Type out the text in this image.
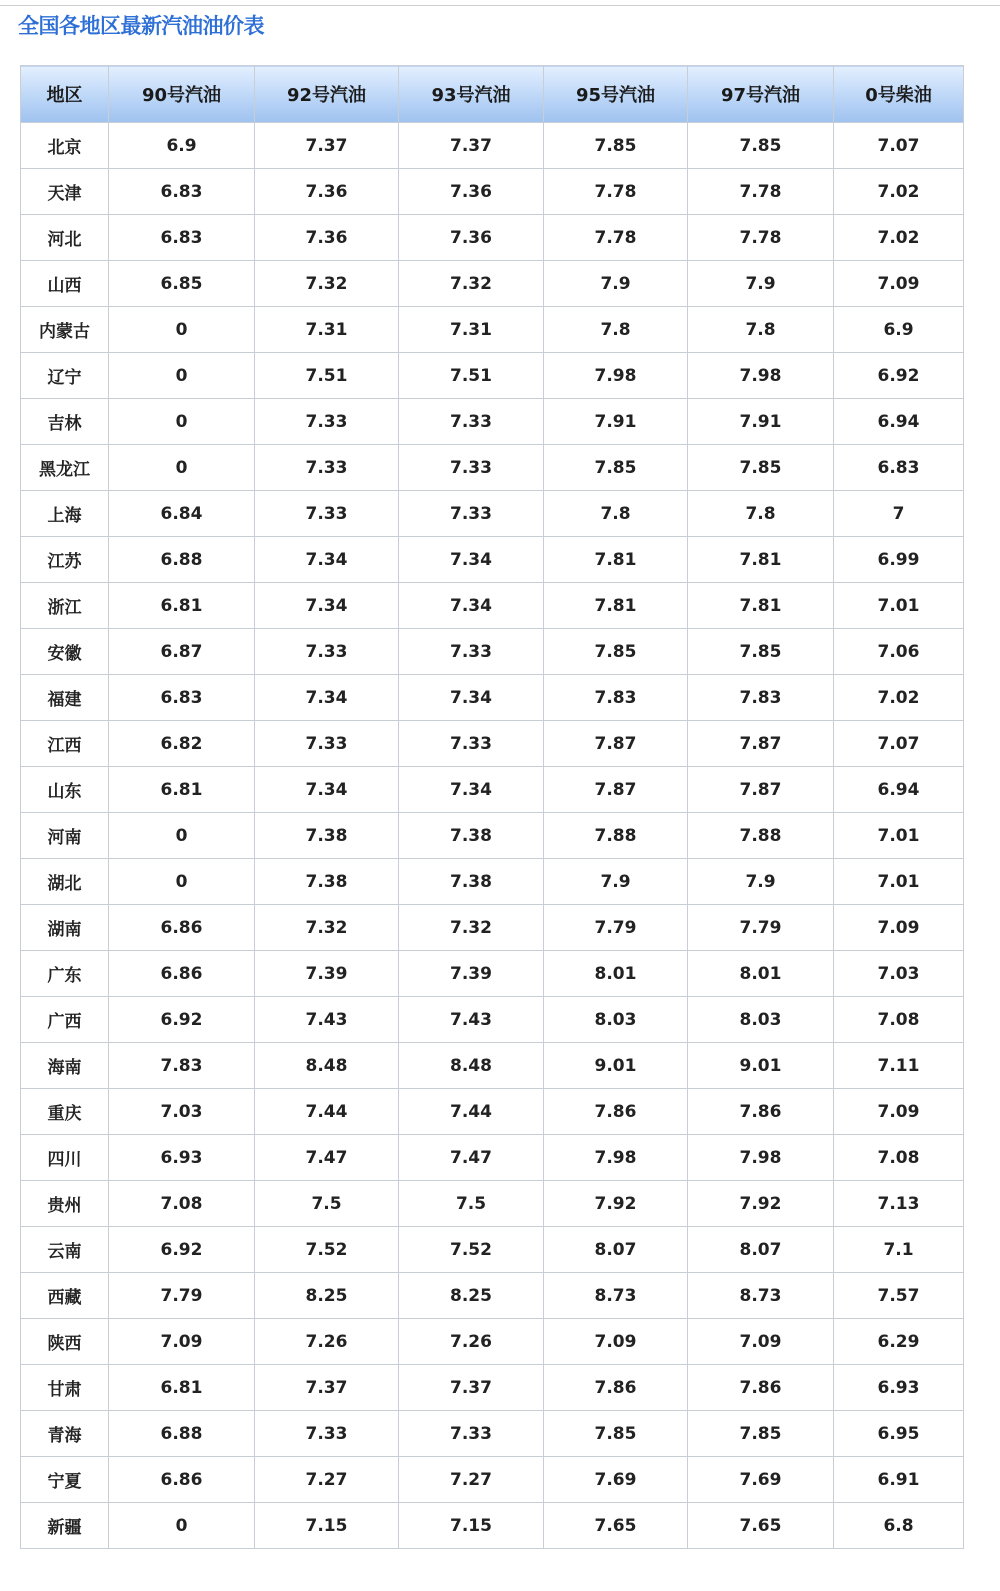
全国各地区最新汽油油价表
地区	90号汽油	92号汽油	93号汽油	95号汽油	97号汽油	0号柴油
北京	6.9	7.37	7.37	7.85	7.85	7.07
天津	6.83	7.36	7.36	7.78	7.78	7.02
河北	6.83	7.36	7.36	7.78	7.78	7.02
山西	6.85	7.32	7.32	7.9	7.9	7.09
内蒙古	0	7.31	7.31	7.8	7.8	6.9
辽宁	0	7.51	7.51	7.98	7.98	6.92
吉林	0	7.33	7.33	7.91	7.91	6.94
黑龙江	0	7.33	7.33	7.85	7.85	6.83
上海	6.84	7.33	7.33	7.8	7.8	7
江苏	6.88	7.34	7.34	7.81	7.81	6.99
浙江	6.81	7.34	7.34	7.81	7.81	7.01
安徽	6.87	7.33	7.33	7.85	7.85	7.06
福建	6.83	7.34	7.34	7.83	7.83	7.02
江西	6.82	7.33	7.33	7.87	7.87	7.07
山东	6.81	7.34	7.34	7.87	7.87	6.94
河南	0	7.38	7.38	7.88	7.88	7.01
湖北	0	7.38	7.38	7.9	7.9	7.01
湖南	6.86	7.32	7.32	7.79	7.79	7.09
广东	6.86	7.39	7.39	8.01	8.01	7.03
广西	6.92	7.43	7.43	8.03	8.03	7.08
海南	7.83	8.48	8.48	9.01	9.01	7.11
重庆	7.03	7.44	7.44	7.86	7.86	7.09
四川	6.93	7.47	7.47	7.98	7.98	7.08
贵州	7.08	7.5	7.5	7.92	7.92	7.13
云南	6.92	7.52	7.52	8.07	8.07	7.1
西藏	7.79	8.25	8.25	8.73	8.73	7.57
陕西	7.09	7.26	7.26	7.09	7.09	6.29
甘肃	6.81	7.37	7.37	7.86	7.86	6.93
青海	6.88	7.33	7.33	7.85	7.85	6.95
宁夏	6.86	7.27	7.27	7.69	7.69	6.91
新疆	0	7.15	7.15	7.65	7.65	6.8
